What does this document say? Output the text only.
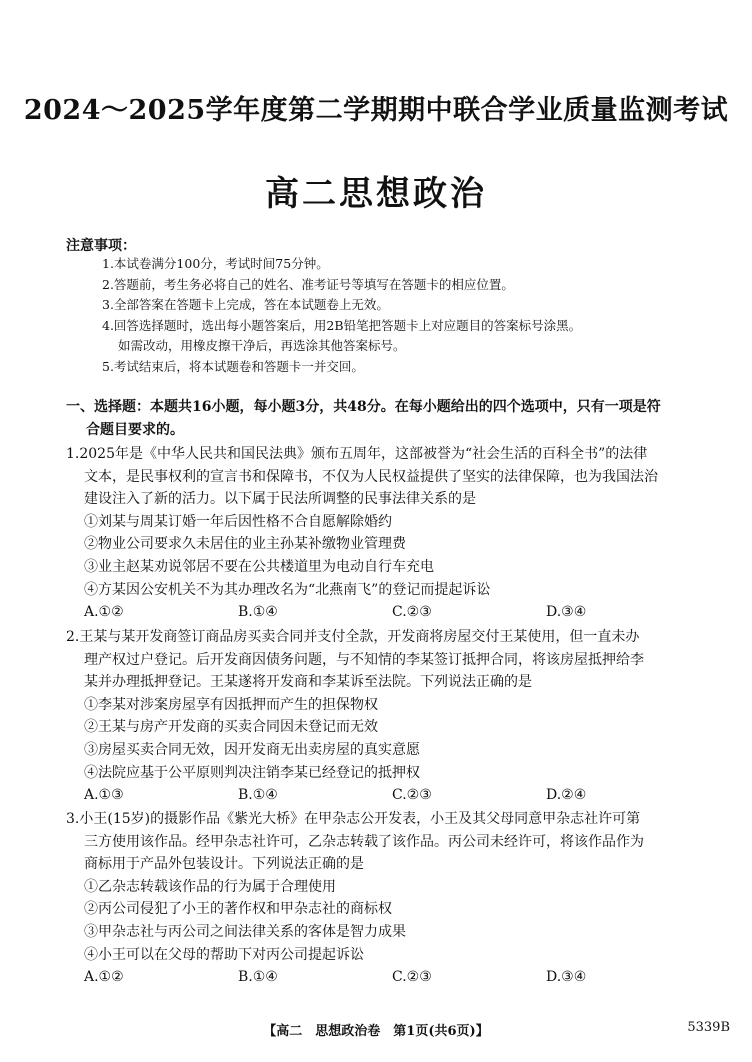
2024～2025学年度第二学期期中联合学业质量监测考试
高二思想政治
注意事项：
1.本试卷满分100分，考试时间75分钟。
2.答题前，考生务必将自己的姓名、准考证号等填写在答题卡的相应位置。
3.全部答案在答题卡上完成，答在本试题卷上无效。
4.回答选择题时，选出每小题答案后，用2B铅笔把答题卡上对应题目的答案标号涂黑。
如需改动，用橡皮擦干净后，再选涂其他答案标号。
5.考试结束后，将本试题卷和答题卡一并交回。
一、选择题：本题共16小题，每小题3分，共48分。在每小题给出的四个选项中，只有一项是符
合题目要求的。
1.2025年是《中华人民共和国民法典》颁布五周年，这部被誉为“社会生活的百科全书”的法律
文本，是民事权利的宣言书和保障书，不仅为人民权益提供了坚实的法律保障，也为我国法治
建设注入了新的活力。以下属于民法所调整的民事法律关系的是
①刘某与周某订婚一年后因性格不合自愿解除婚约
②物业公司要求久未居住的业主孙某补缴物业管理费
③业主赵某劝说邻居不要在公共楼道里为电动自行车充电
④方某因公安机关不为其办理改名为“北燕南飞”的登记而提起诉讼
A.①②	B.①④	C.②③	D.③④
2.王某与某开发商签订商品房买卖合同并支付全款，开发商将房屋交付王某使用，但一直未办
理产权过户登记。后开发商因债务问题，与不知情的李某签订抵押合同，将该房屋抵押给李
某并办理抵押登记。王某遂将开发商和李某诉至法院。下列说法正确的是
①李某对涉案房屋享有因抵押而产生的担保物权
②王某与房产开发商的买卖合同因未登记而无效
③房屋买卖合同无效，因开发商无出卖房屋的真实意愿
④法院应基于公平原则判决注销李某已经登记的抵押权
A.①③	B.①④	C.②③	D.②④
3.小王(15岁)的摄影作品《紫光大桥》在甲杂志公开发表，小王及其父母同意甲杂志社许可第
三方使用该作品。经甲杂志社许可，乙杂志转载了该作品。丙公司未经许可，将该作品作为
商标用于产品外包装设计。下列说法正确的是
①乙杂志转载该作品的行为属于合理使用
②丙公司侵犯了小王的著作权和甲杂志社的商标权
③甲杂志社与丙公司之间法律关系的客体是智力成果
④小王可以在父母的帮助下对丙公司提起诉讼
A.①②	B.①④	C.②③	D.③④
【高二　思想政治卷　第1页(共6页)】	5339B
